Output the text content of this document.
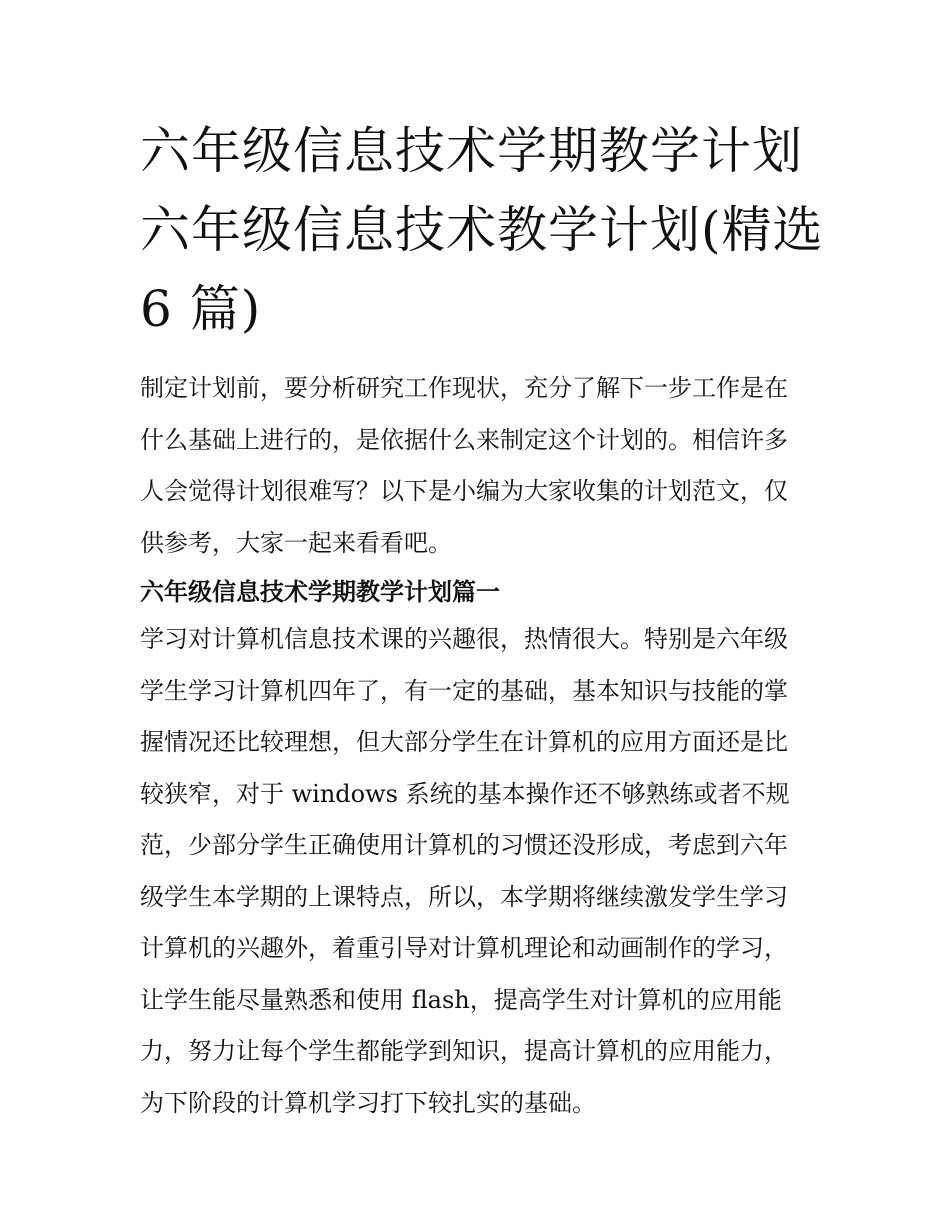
六年级信息技术学期教学计划
六年级信息技术教学计划(精选
6 篇)

制定计划前，要分析研究工作现状，充分了解下一步工作是在
什么基础上进行的，是依据什么来制定这个计划的。相信许多
人会觉得计划很难写？以下是小编为大家收集的计划范文，仅
供参考，大家一起来看看吧。

六年级信息技术学期教学计划篇一

学习对计算机信息技术课的兴趣很，热情很大。特别是六年级
学生学习计算机四年了，有一定的基础，基本知识与技能的掌
握情况还比较理想，但大部分学生在计算机的应用方面还是比
较狭窄，对于 windows 系统的基本操作还不够熟练或者不规
范，少部分学生正确使用计算机的习惯还没形成，考虑到六年
级学生本学期的上课特点，所以，本学期将继续激发学生学习
计算机的兴趣外，着重引导对计算机理论和动画制作的学习，
让学生能尽量熟悉和使用 flash，提高学生对计算机的应用能
力，努力让每个学生都能学到知识，提高计算机的应用能力，
为下阶段的计算机学习打下较扎实的基础。
